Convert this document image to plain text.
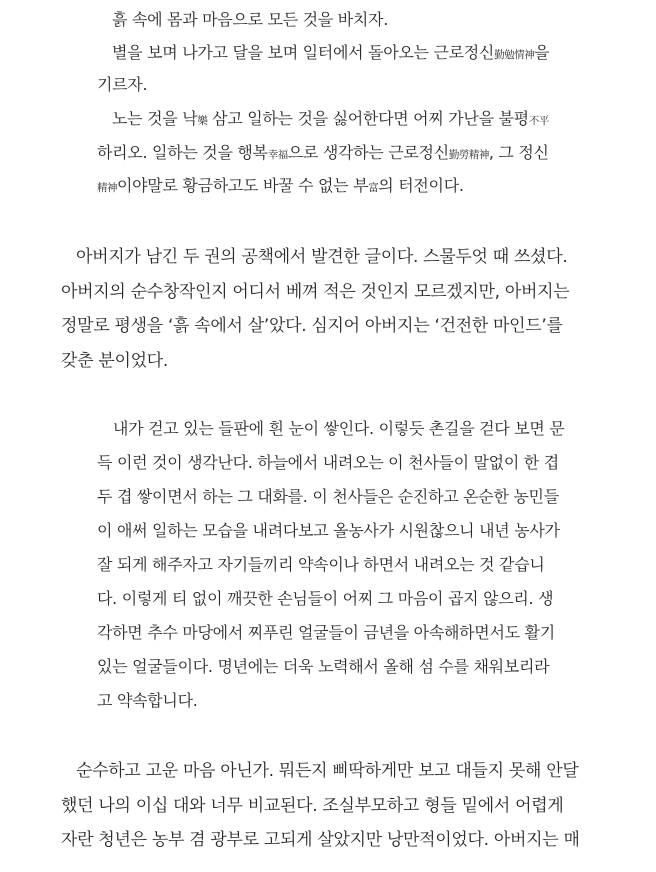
흙 속에 몸과 마음으로 모든 것을 바치자.
별을 보며 나가고 달을 보며 일터에서 돌아오는 근로정신勤勉情神을
기르자.
노는 것을 낙樂 삼고 일하는 것을 싫어한다면 어찌 가난을 불평不平
하리오. 일하는 것을 행복幸福으로 생각하는 근로정신勤勞精神, 그 정신
精神이야말로 황금하고도 바꿀 수 없는 부富의 터전이다.
아버지가 남긴 두 권의 공책에서 발견한 글이다. 스물두엇 때 쓰셨다.
아버지의 순수창작인지 어디서 베껴 적은 것인지 모르겠지만, 아버지는
정말로 평생을 ‘흙 속에서 살’았다. 심지어 아버지는 ‘건전한 마인드’를
갖춘 분이었다.
내가 걷고 있는 들판에 흰 눈이 쌓인다. 이렇듯 촌길을 걷다 보면 문
득 이런 것이 생각난다. 하늘에서 내려오는 이 천사들이 말없이 한 겹
두 겹 쌓이면서 하는 그 대화를. 이 천사들은 순진하고 온순한 농민들
이 애써 일하는 모습을 내려다보고 올농사가 시원찮으니 내년 농사가
잘 되게 해주자고 자기들끼리 약속이나 하면서 내려오는 것 같습니
다. 이렇게 티 없이 깨끗한 손님들이 어찌 그 마음이 곱지 않으리. 생
각하면 추수 마당에서 찌푸린 얼굴들이 금년을 아속해하면서도 활기
있는 얼굴들이다. 명년에는 더욱 노력해서 올해 섬 수를 채워보리라
고 약속합니다.
순수하고 고운 마음 아닌가. 뭐든지 삐딱하게만 보고 대들지 못해 안달
했던 나의 이십 대와 너무 비교된다. 조실부모하고 형들 밑에서 어렵게
자란 청년은 농부 겸 광부로 고되게 살았지만 낭만적이었다. 아버지는 매
